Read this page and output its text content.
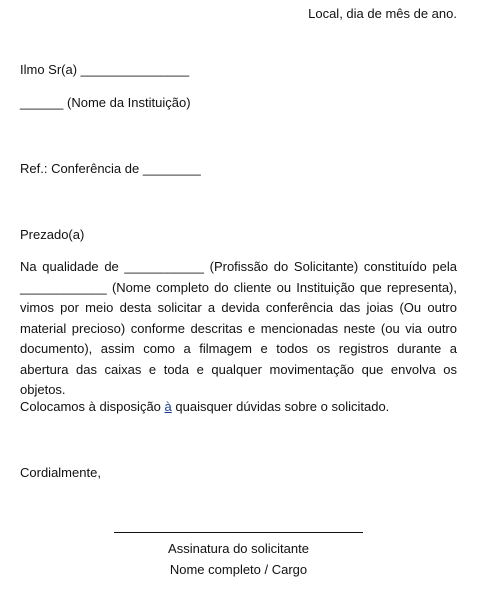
Local, dia de mês de ano.
Ilmo Sr(a) _______________
______ (Nome da Instituição)
Ref.: Conferência de ________
Prezado(a)
Na qualidade de ___________ (Profissão do Solicitante) constituído pela ____________ (Nome completo do cliente ou Instituição que representa), vimos por meio desta solicitar a devida conferência das joias (Ou outro material precioso) conforme descritas e mencionadas neste (ou via outro documento), assim como a filmagem e todos os registros durante a abertura das caixas e toda e qualquer movimentação que envolva os objetos.
Colocamos à disposição à quaisquer dúvidas sobre o solicitado.
Cordialmente,
Assinatura do solicitante
Nome completo / Cargo
